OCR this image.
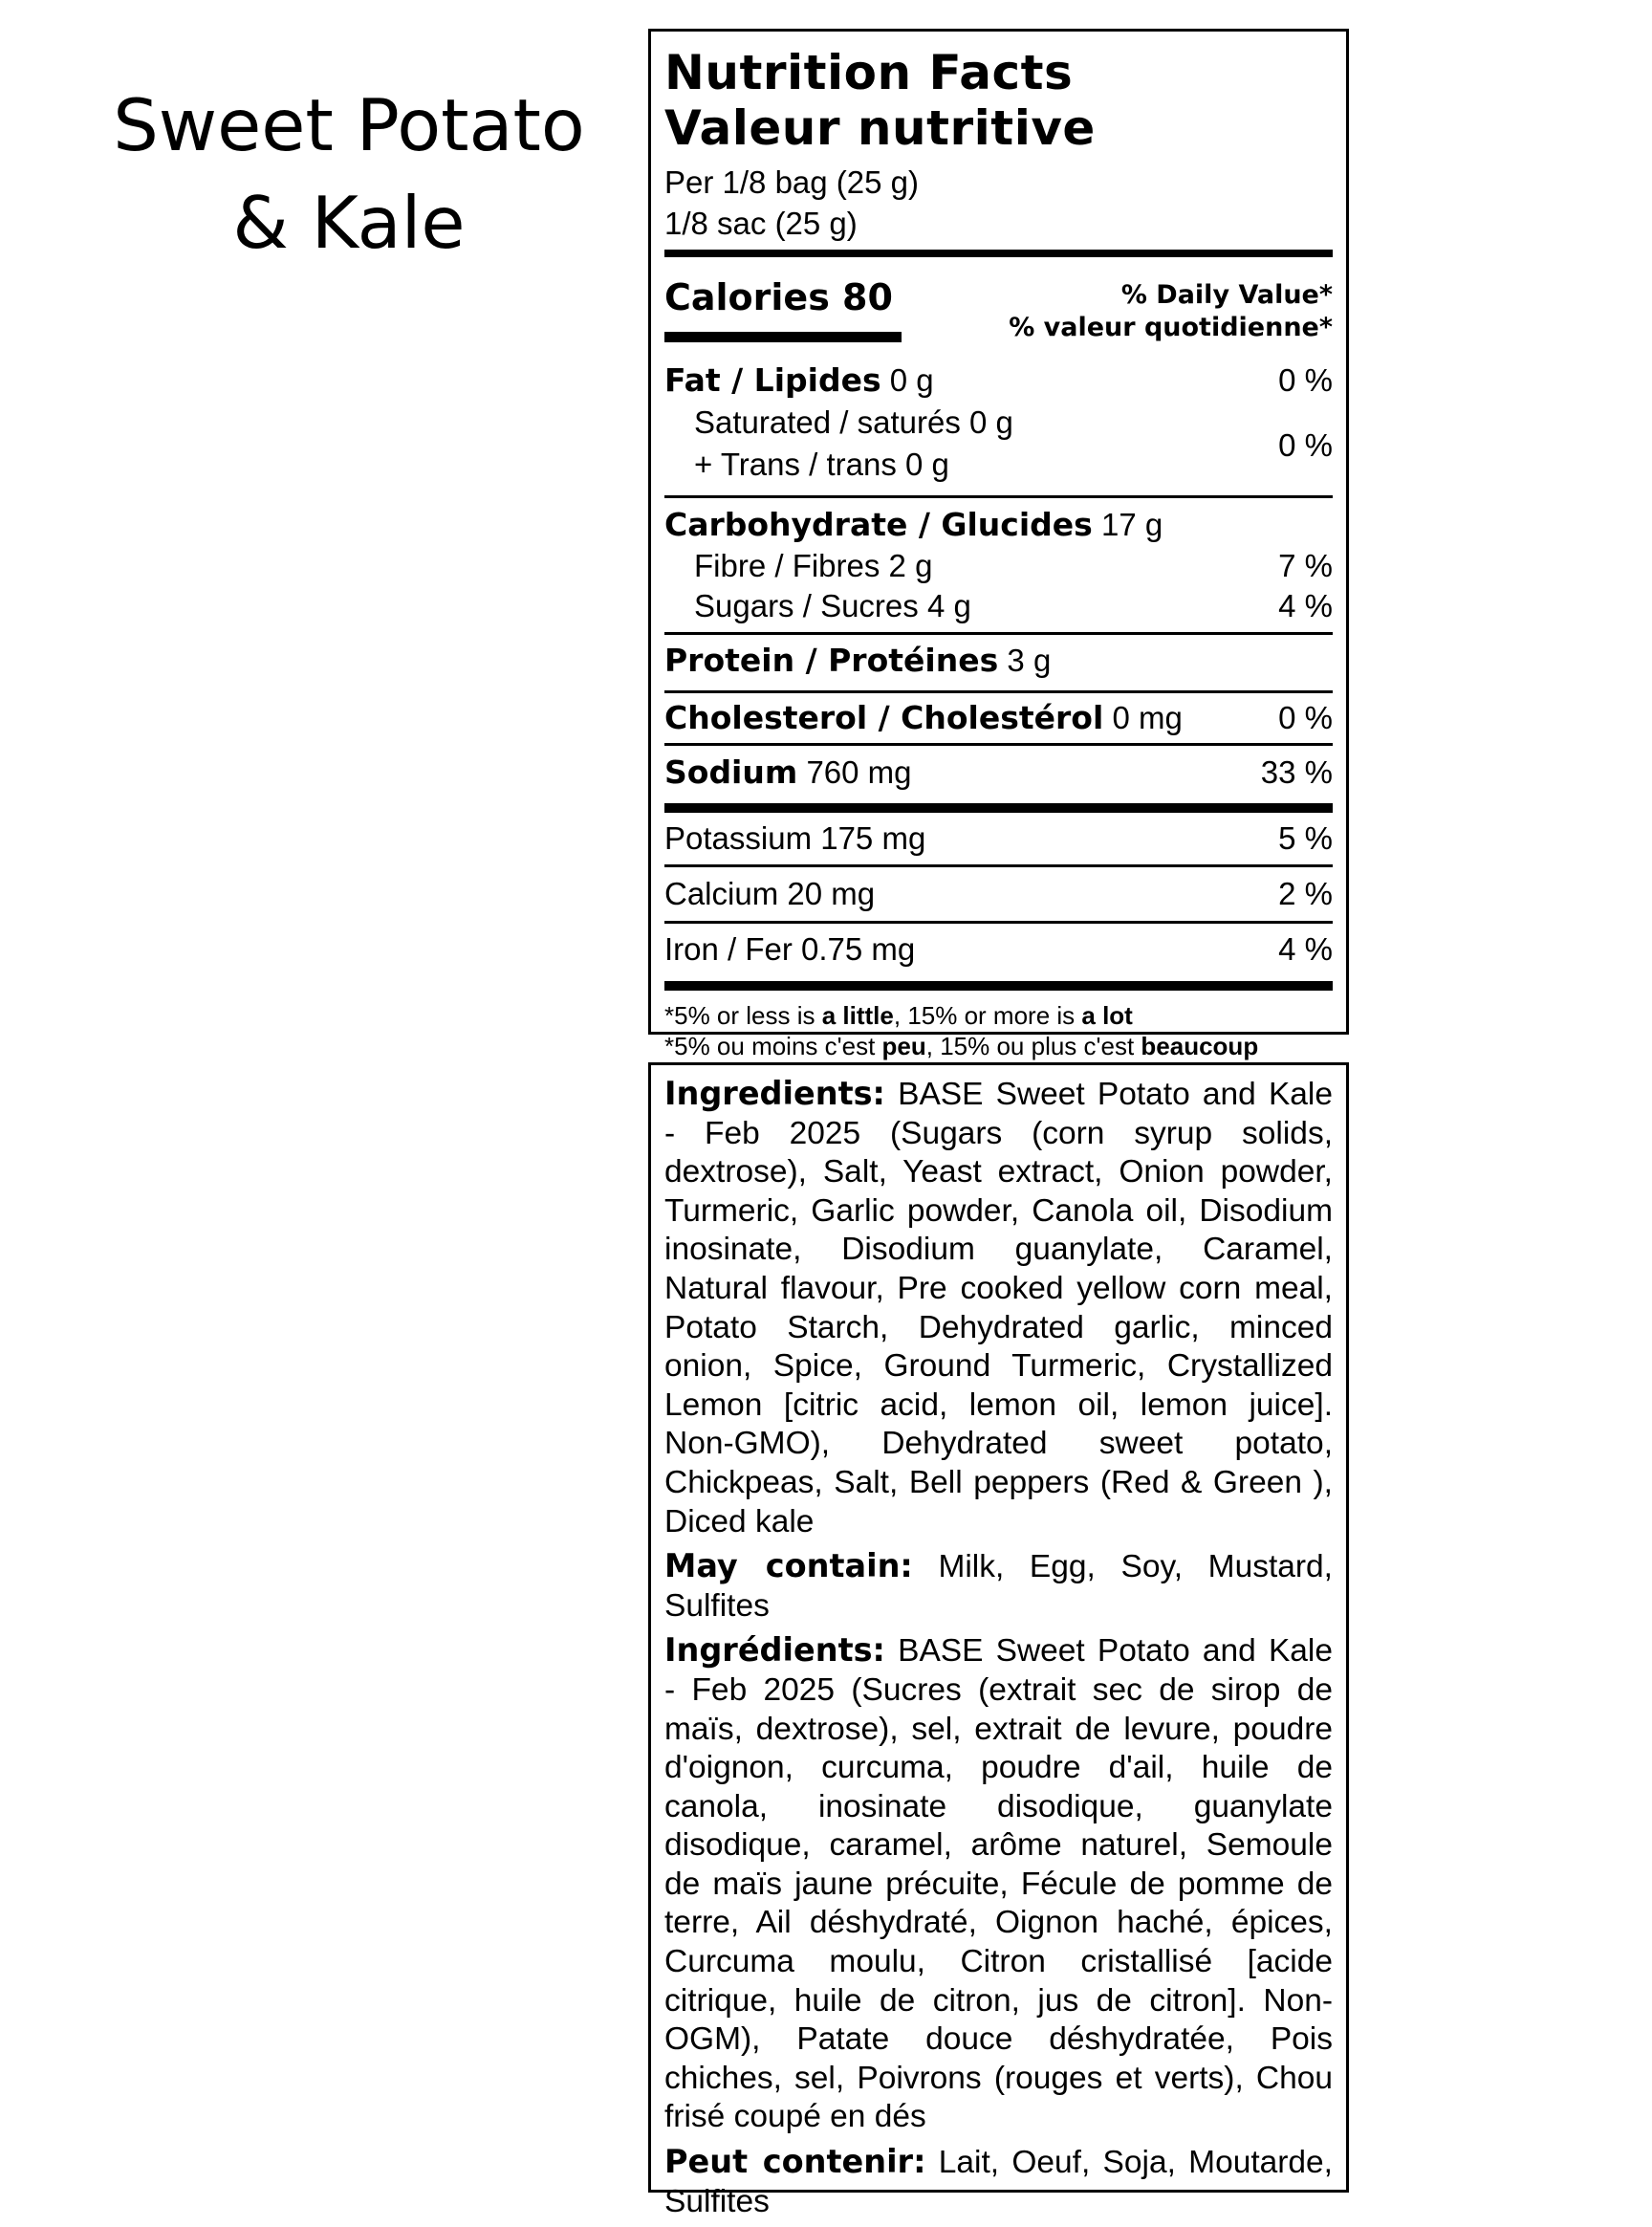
Sweet Potato
& Kale
Nutrition Facts
Valeur nutritive
Per 1/8 bag (25 g)
1/8 sac (25 g)
Calories 80	% Daily Value*
% valeur quotidienne*
Fat / Lipides 0 g	0 %
Saturated / saturés 0 g
+ Trans / trans 0 g
0 %
Carbohydrate / Glucides 17 g
Fibre / Fibres 2 g	7 %
Sugars / Sucres 4 g	4 %
Protein / Protéines 3 g
Cholesterol / Cholestérol 0 mg	0 %
Sodium 760 mg	33 %
Potassium 175 mg	5 %
Calcium 20 mg	2 %
Iron / Fer 0.75 mg	4 %
*5% or less is a little, 15% or more is a lot
*5% ou moins c'est peu, 15% ou plus c'est beaucoup

Ingredients: BASE Sweet Potato and Kale - Feb 2025 (Sugars (corn syrup solids, dextrose), Salt, Yeast extract, Onion powder, Turmeric, Garlic powder, Canola oil, Disodium inosinate, Disodium guanylate, Caramel, Natural flavour, Pre cooked yellow corn meal, Potato Starch, Dehydrated garlic, minced onion, Spice, Ground Turmeric, Crystallized Lemon [citric acid, lemon oil, lemon juice]. Non-GMO), Dehydrated sweet potato, Chickpeas, Salt, Bell peppers (Red & Green ), Diced kale

May contain: Milk, Egg, Soy, Mustard, Sulfites

Ingrédients: BASE Sweet Potato and Kale - Feb 2025 (Sucres (extrait sec de sirop de maïs, dextrose), sel, extrait de levure, poudre d'oignon, curcuma, poudre d'ail, huile de canola, inosinate disodique, guanylate disodique, caramel, arôme naturel, Semoule de maïs jaune précuite, Fécule de pomme de terre, Ail déshydraté, Oignon haché, épices, Curcuma moulu, Citron cristallisé [acide citrique, huile de citron, jus de citron]. Non-OGM), Patate douce déshydratée, Pois chiches, sel, Poivrons (rouges et verts), Chou frisé coupé en dés

Peut contenir: Lait, Oeuf, Soja, Moutarde, Sulfites
